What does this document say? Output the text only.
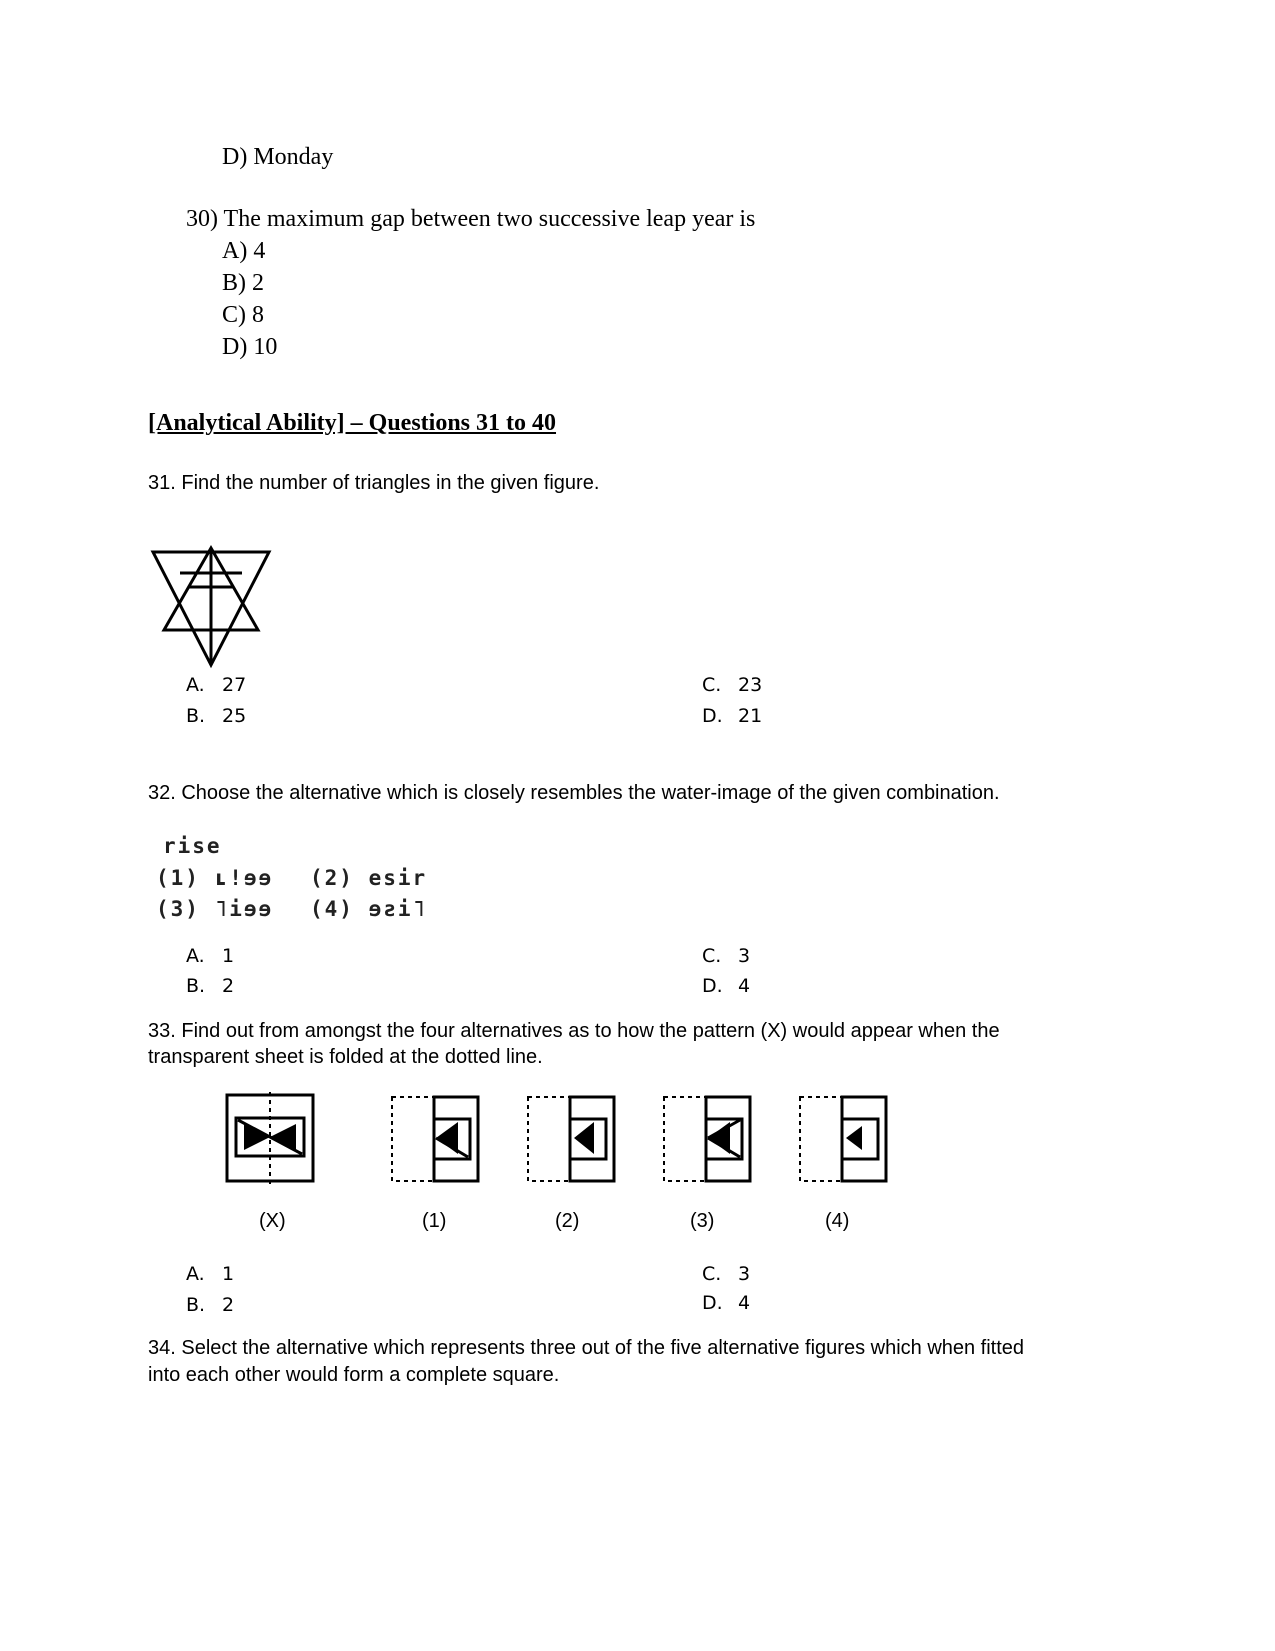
D) Monday
30) The maximum gap between two successive leap year is
A) 4
B) 2
C) 8
D) 10
[Analytical Ability] – Questions 31 to 40
31. Find the number of triangles in the given figure.
A. 27
B. 25
C. 23
D. 21
32. Choose the alternative which is closely resembles the water-image of the given combination.
rise
(1) ʟ!ɘɘ (2) esir
(3) ˥iɘɘ (4) ɘƨi˥
A. 1
B. 2
C. 3
D. 4
33. Find out from amongst the four alternatives as to how the pattern (X) would appear when the
transparent sheet is folded at the dotted line.
(X)	(1)	(2)	(3)	(4)
A. 1
B. 2
C. 3
D. 4
34. Select the alternative which represents three out of the five alternative figures which when fitted
into each other would form a complete square.
